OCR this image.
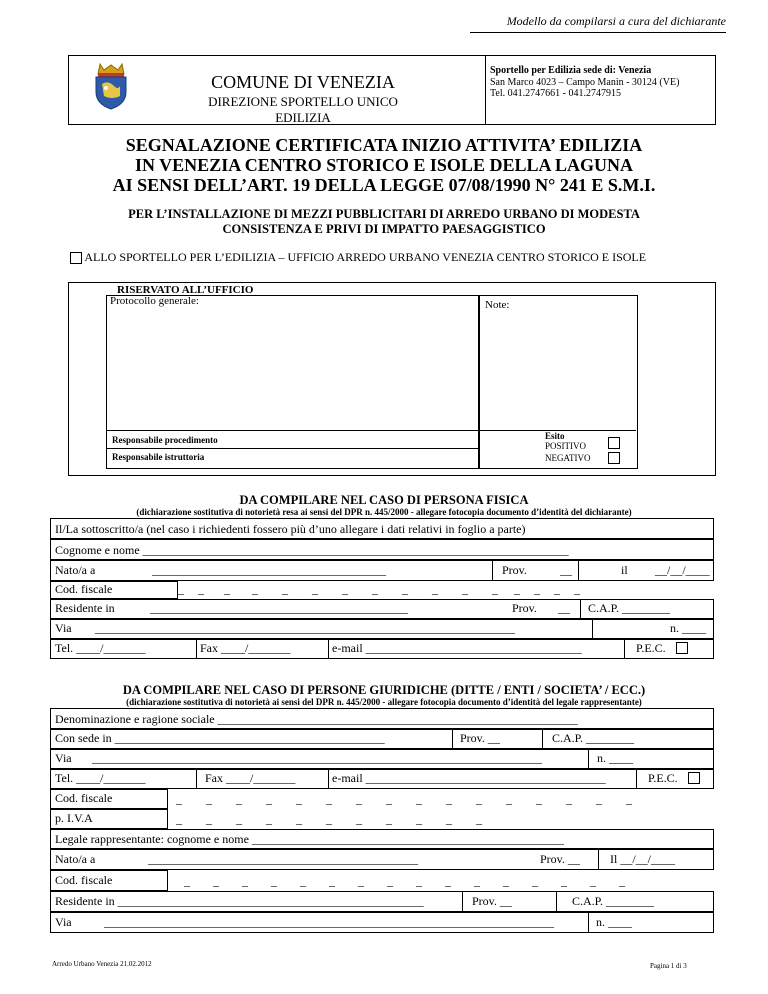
Modello da compilarsi a cura del dichiarante
COMUNE DI VENEZIA
DIREZIONE SPORTELLO UNICO EDILIZIA
Sportello per Edilizia sede di: Venezia
San Marco 4023 – Campo Manin - 30124 (VE)
Tel. 041.2747661 - 041.2747915
SEGNALAZIONE CERTIFICATA INIZIO ATTIVITA’ EDILIZIA
IN VENEZIA CENTRO STORICO E ISOLE DELLA LAGUNA
AI SENSI DELL’ART. 19 DELLA LEGGE 07/08/1990 N° 241 E S.M.I.
PER L’INSTALLAZIONE DI MEZZI PUBBLICITARI DI ARREDO URBANO DI MODESTA
CONSISTENZA E PRIVI DI IMPATTO PAESAGGISTICO
ALLO SPORTELLO PER L’EDILIZIA – UFFICIO ARREDO URBANO VENEZIA CENTRO STORICO E ISOLE
RISERVATO ALL’UFFICIO
Protocollo generale:	Note:
Responsabile procedimento
Responsabile istruttoria
Esito
POSITIVO
NEGATIVO
DA COMPILARE NEL CASO DI PERSONA FISICA
(dichiarazione sostitutiva di notorietà resa ai sensi del DPR n. 445/2000 - allegare fotocopia documento d’identità del dichiarante)
Il/La sottoscritto/a (nel caso i richiedenti fossero più d’uno allegare i dati relativi in foglio a parte)
Cognome e nome _______________________________________________________________________
Nato/a a	_______________________________________	Prov.	__	il __/__/____
Cod. fiscale	_ _ _ _ _ _ _ _ _ _ _ _ _ _ _ _
Residente in	___________________________________________	Prov. __ C.A.P. ________
Via ______________________________________________________________________	n. ____
Tel. ____/_______	Fax ____/_______	e-mail ____________________________________	P.E.C.
DA COMPILARE NEL CASO DI PERSONE GIURIDICHE (DITTE / ENTI / SOCIETA’ / ECC.)
(dichiarazione sostitutiva di notorietà ai sensi del DPR n. 445/2000 - allegare fotocopia documento d’identità del legale rappresentante)
Denominazione e ragione sociale ____________________________________________________________
Con sede in _____________________________________________	Prov. __	C.A.P. ________
Via ___________________________________________________________________________	n. ____
Tel. ____/_______	Fax ____/_______	e-mail ________________________________________	P.E.C.
Cod. fiscale	_ _ _ _ _ _ _ _ _ _ _ _ _ _ _ _
p. I.V.A	_ _ _ _ _ _ _ _ _ _ _
Legale rappresentante: cognome e nome ____________________________________________________
Nato/a a	_____________________________________________	Prov. __	Il __/__/____
Cod. fiscale	_ _ _ _ _ _ _ _ _ _ _ _ _ _ _ _
Residente in ___________________________________________________	Prov. __	C.A.P. ________
Via	___________________________________________________________________________	n. ____
Arredo Urbano Venezia 21.02.2012	Pagina 1 di 3
